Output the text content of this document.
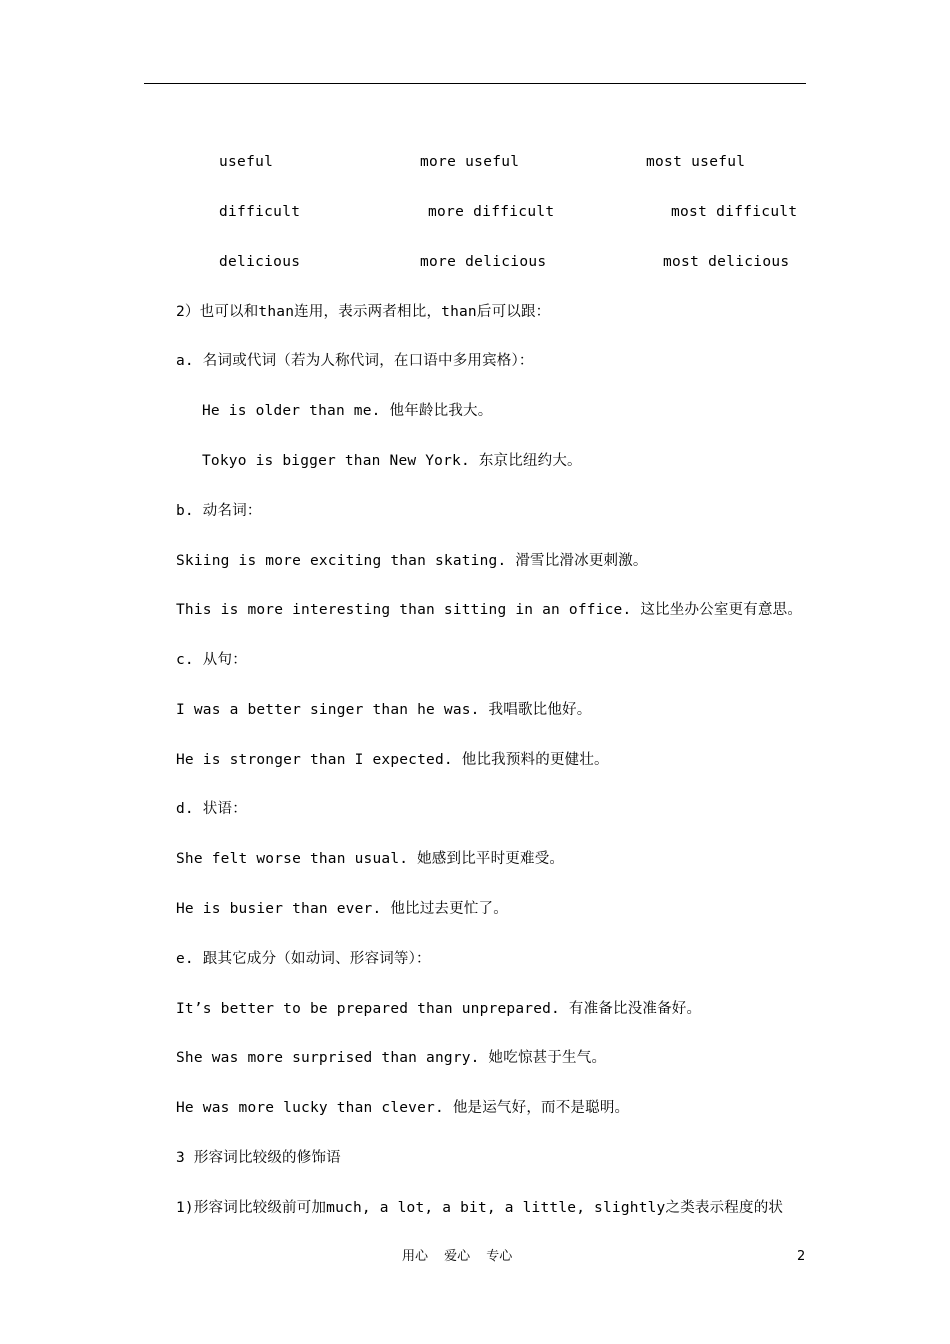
useful	more useful	most useful
difficult	more difficult	most difficult
delicious	more delicious	most delicious
2）也可以和than连用，表示两者相比，than后可以跟：
a. 名词或代词（若为人称代词，在口语中多用宾格）：
He is older than me. 他年龄比我大。
Tokyo is bigger than New York. 东京比纽约大。
b. 动名词：
Skiing is more exciting than skating. 滑雪比滑冰更刺激。
This is more interesting than sitting in an office. 这比坐办公室更有意思。
c. 从句：
I was a better singer than he was. 我唱歌比他好。
He is stronger than I expected. 他比我预料的更健壮。
d. 状语：
She felt worse than usual. 她感到比平时更难受。
He is busier than ever. 他比过去更忙了。
e. 跟其它成分（如动词、形容词等）：
It’s better to be prepared than unprepared. 有准备比没准备好。
She was more surprised than angry. 她吃惊甚于生气。
He was more lucky than clever. 他是运气好，而不是聪明。
3 形容词比较级的修饰语
1)形容词比较级前可加much, a lot, a bit, a little, slightly之类表示程度的状
用心 爱心 专心	2
